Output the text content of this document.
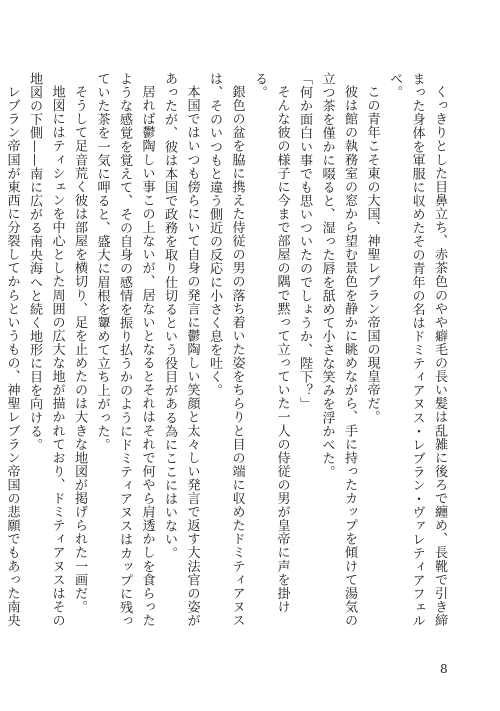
くっきりとした目鼻立ち、赤茶色のやや癖毛の長い髪は乱雑に後ろで纏め、長靴で引き締まった身体を軍服に収めたその青年の名はドミティアヌス・レブラン・ヴァレティアフェルベ。

この青年こそ東の大国、神聖レブラン帝国の現皇帝だ。

彼は館の執務室の窓から望む景色を静かに眺めながら、手に持ったカップを傾けて湯気の立つ茶を僅かに啜ると、湿った唇を舐めて小さな笑みを浮かべた。

「何か面白い事でも思いついたのでしょうか、陛下？」

そんな彼の様子に今まで部屋の隅で黙って立っていた一人の侍従の男が皇帝に声を掛ける。

銀色の盆を脇に携えた侍従の男の落ち着いた姿をちらりと目の端に収めたドミティアヌスは、そのいつもと違う側近の反応に小さく息を吐く。

本国ではいつも傍らにいて自身の発言に鬱陶しい笑顔と太々しい発言で返す大法官の姿があったが、彼は本国で政務を取り仕切るという役目がある為にここにはいない。

居れば鬱陶しい事この上ないが、居ないとなるとそれはそれで何やら肩透かしを食らったような感覚を覚えて、その自身の感情を振り払うかのようにドミティアヌスはカップに残っていた茶を一気に呷ると、盛大に眉根を顰めて立ち上がった。

そうして足音荒く彼は部屋を横切り、足を止めたのは大きな地図が掲げられた一画だ。

地図にはティシェンを中心とした周囲の広大な地が描かれており、ドミティアヌスはその地図の下側——南に広がる南央海へと続く地形に目を向ける。

レブラン帝国が東西に分裂してからというもの、神聖レブラン帝国の悲願でもあった南央

8
